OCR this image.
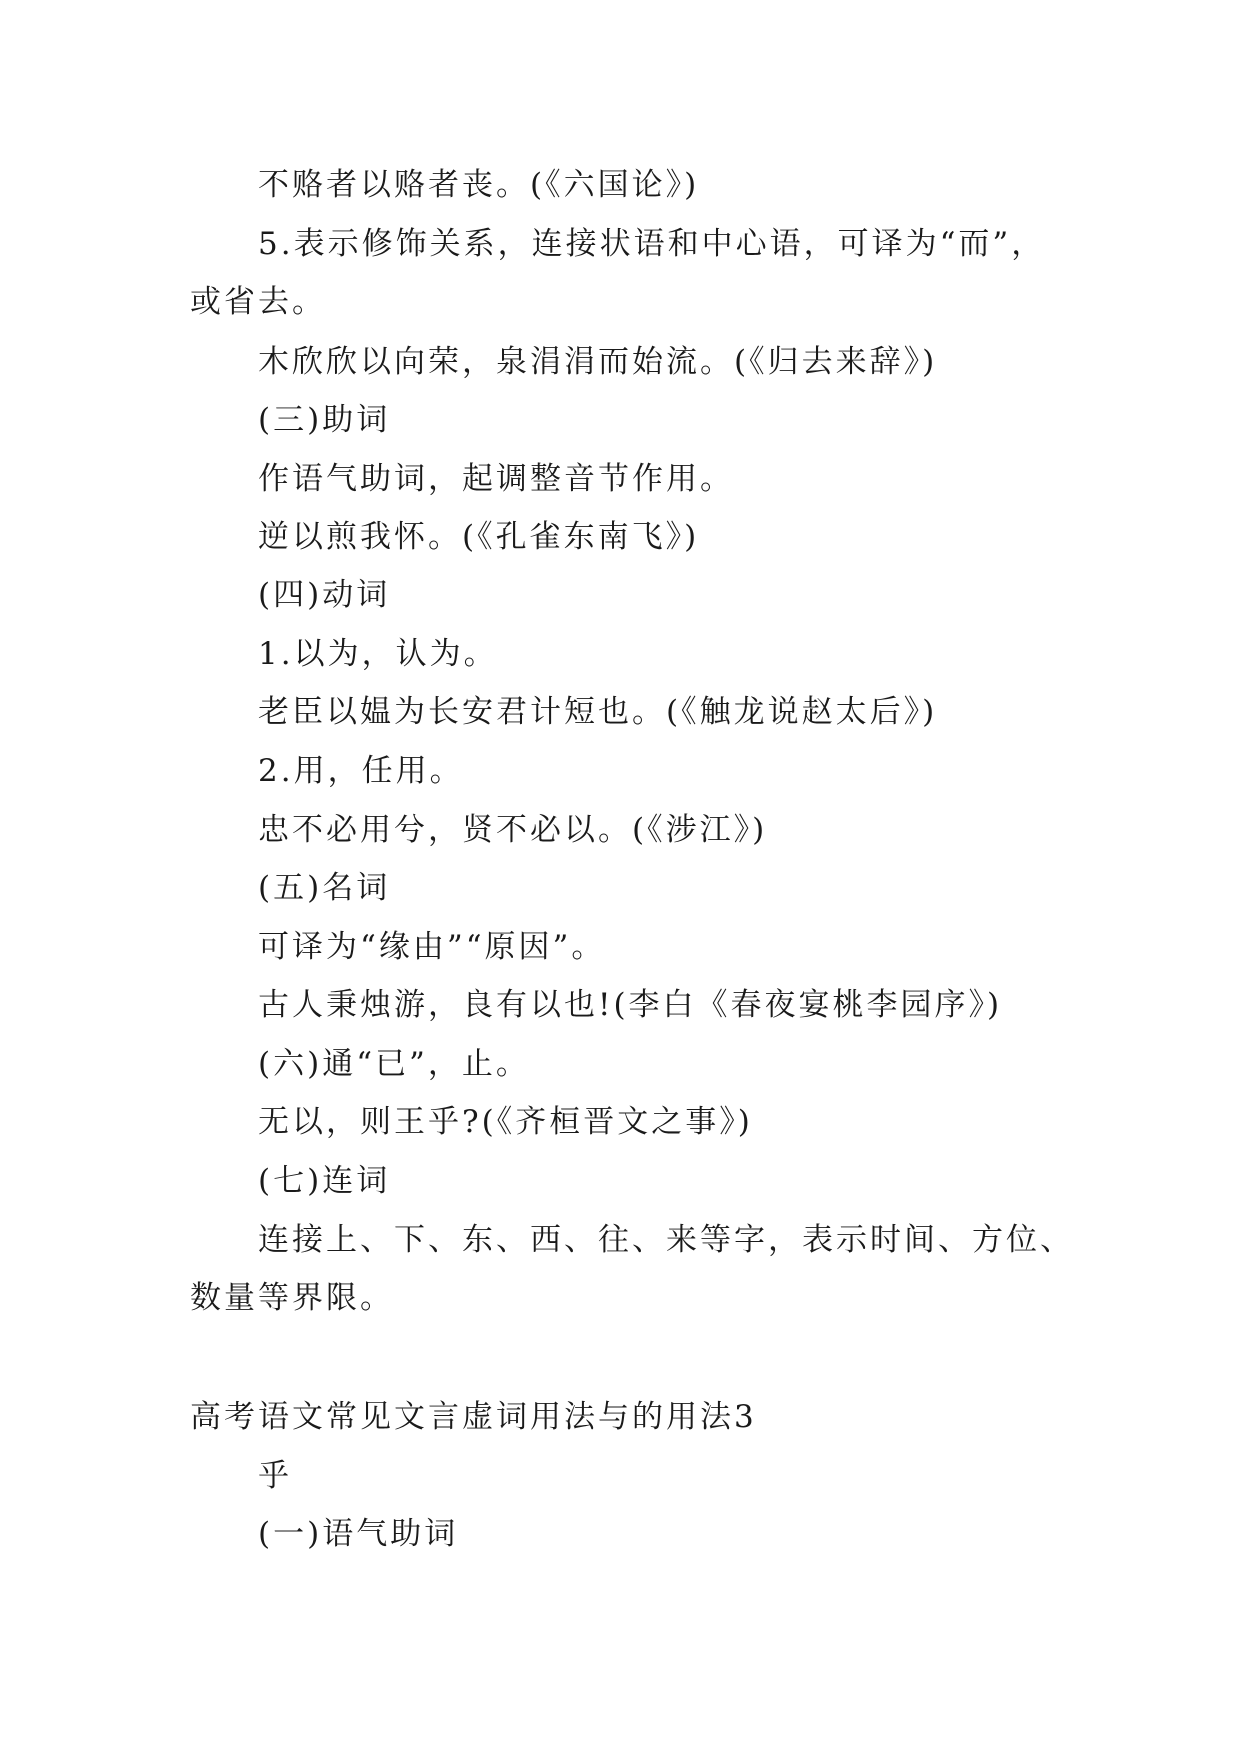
不赂者以赂者丧。(《六国论》)
5.表示修饰关系，连接状语和中心语，可译为“而”，
或省去。
木欣欣以向荣，泉涓涓而始流。(《归去来辞》)
(三)助词
作语气助词，起调整音节作用。
逆以煎我怀。(《孔雀东南飞》)
(四)动词
1.以为，认为。
老臣以媪为长安君计短也。(《触龙说赵太后》)
2.用，任用。
忠不必用兮，贤不必以。(《涉江》)
(五)名词
可译为“缘由”“原因”。
古人秉烛游，良有以也!(李白《春夜宴桃李园序》)
(六)通“已”，止。
无以，则王乎?(《齐桓晋文之事》)
(七)连词
连接上、下、东、西、往、来等字，表示时间、方位、
数量等界限。
高考语文常见文言虚词用法与的用法3
乎
(一)语气助词
